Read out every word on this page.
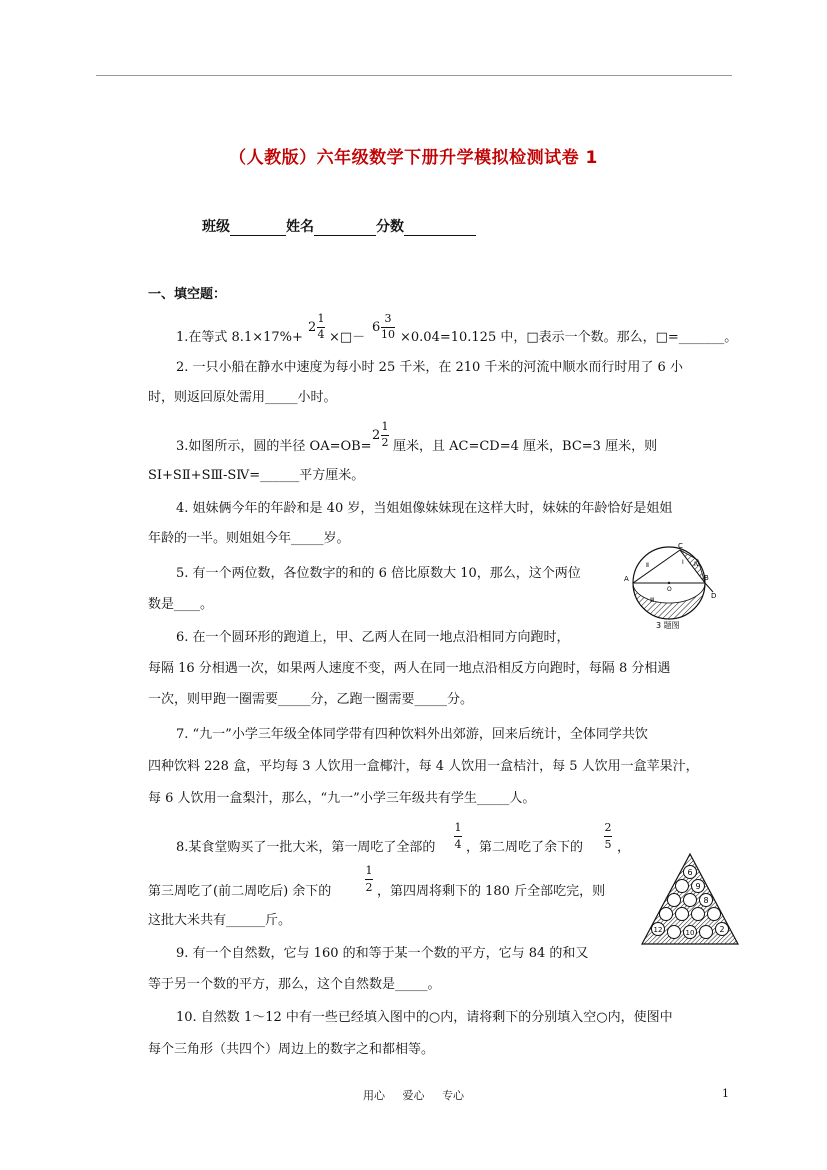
（人教版）六年级数学下册升学模拟检测试卷 1
班级	姓名	分数
一、填空题：
1.在等式 8.1×17%+
2
1
4 ×□－
6
3
10 ×0.04=10.125 中，□表示一个数。那么，□=_______。
2. 一只小船在静水中速度为每小时 25 千米，在 210 千米的河流中顺水而行时用了 6 小
时，则返回原处需用_____小时。
3.如图所示，圆的半径 OA=OB=
2
1
2 厘米，且 AC=CD=4 厘米，BC=3 厘米，则
SⅠ+SⅡ+SⅢ-SⅣ=______平方厘米。
4. 姐妹俩今年的年龄和是 40 岁，当姐姐像妹妹现在这样大时，妹妹的年龄恰好是姐姐
年龄的一半。则姐姐今年_____岁。
5. 有一个两位数，各位数字的和的 6 倍比原数大 10，那么，这个两位
数是____。
C
D
B
A
O
Ⅰ
Ⅱ
Ⅲ
Ⅳ
3 题图
6. 在一个圆环形的跑道上，甲、乙两人在同一地点沿相同方向跑时，
每隔 16 分相遇一次，如果两人速度不变，两人在同一地点沿相反方向跑时，每隔 8 分相遇
一次，则甲跑一圈需要_____分，乙跑一圈需要_____分。
7. “九一”小学三年级全体同学带有四种饮料外出郊游，回来后统计，全体同学共饮
四种饮料 228 盒，平均每 3 人饮用一盒椰汁，每 4 人饮用一盒桔汁，每 5 人饮用一盒苹果汁，
每 6 人饮用一盒梨汁，那么，“九一”小学三年级共有学生_____人。
8.某食堂购买了一批大米，第一周吃了全部的
1
4 ，第二周吃了余下的
2
5 ，
第三周吃了(前二周吃后) 余下的
1
2 ，第四周将剩下的 180 斤全部吃完，则
这批大米共有______斤。
6
9
8
12	10	2
9. 有一个自然数，它与 160 的和等于某一个数的平方，它与 84 的和又
等于另一个数的平方，那么，这个自然数是_____。
10. 自然数 1～12 中有一些已经填入图中的○内，请将剩下的分别填入空○内，使图中
每个三角形（共四个）周边上的数字之和都相等。
用心 爱心 专心	1
